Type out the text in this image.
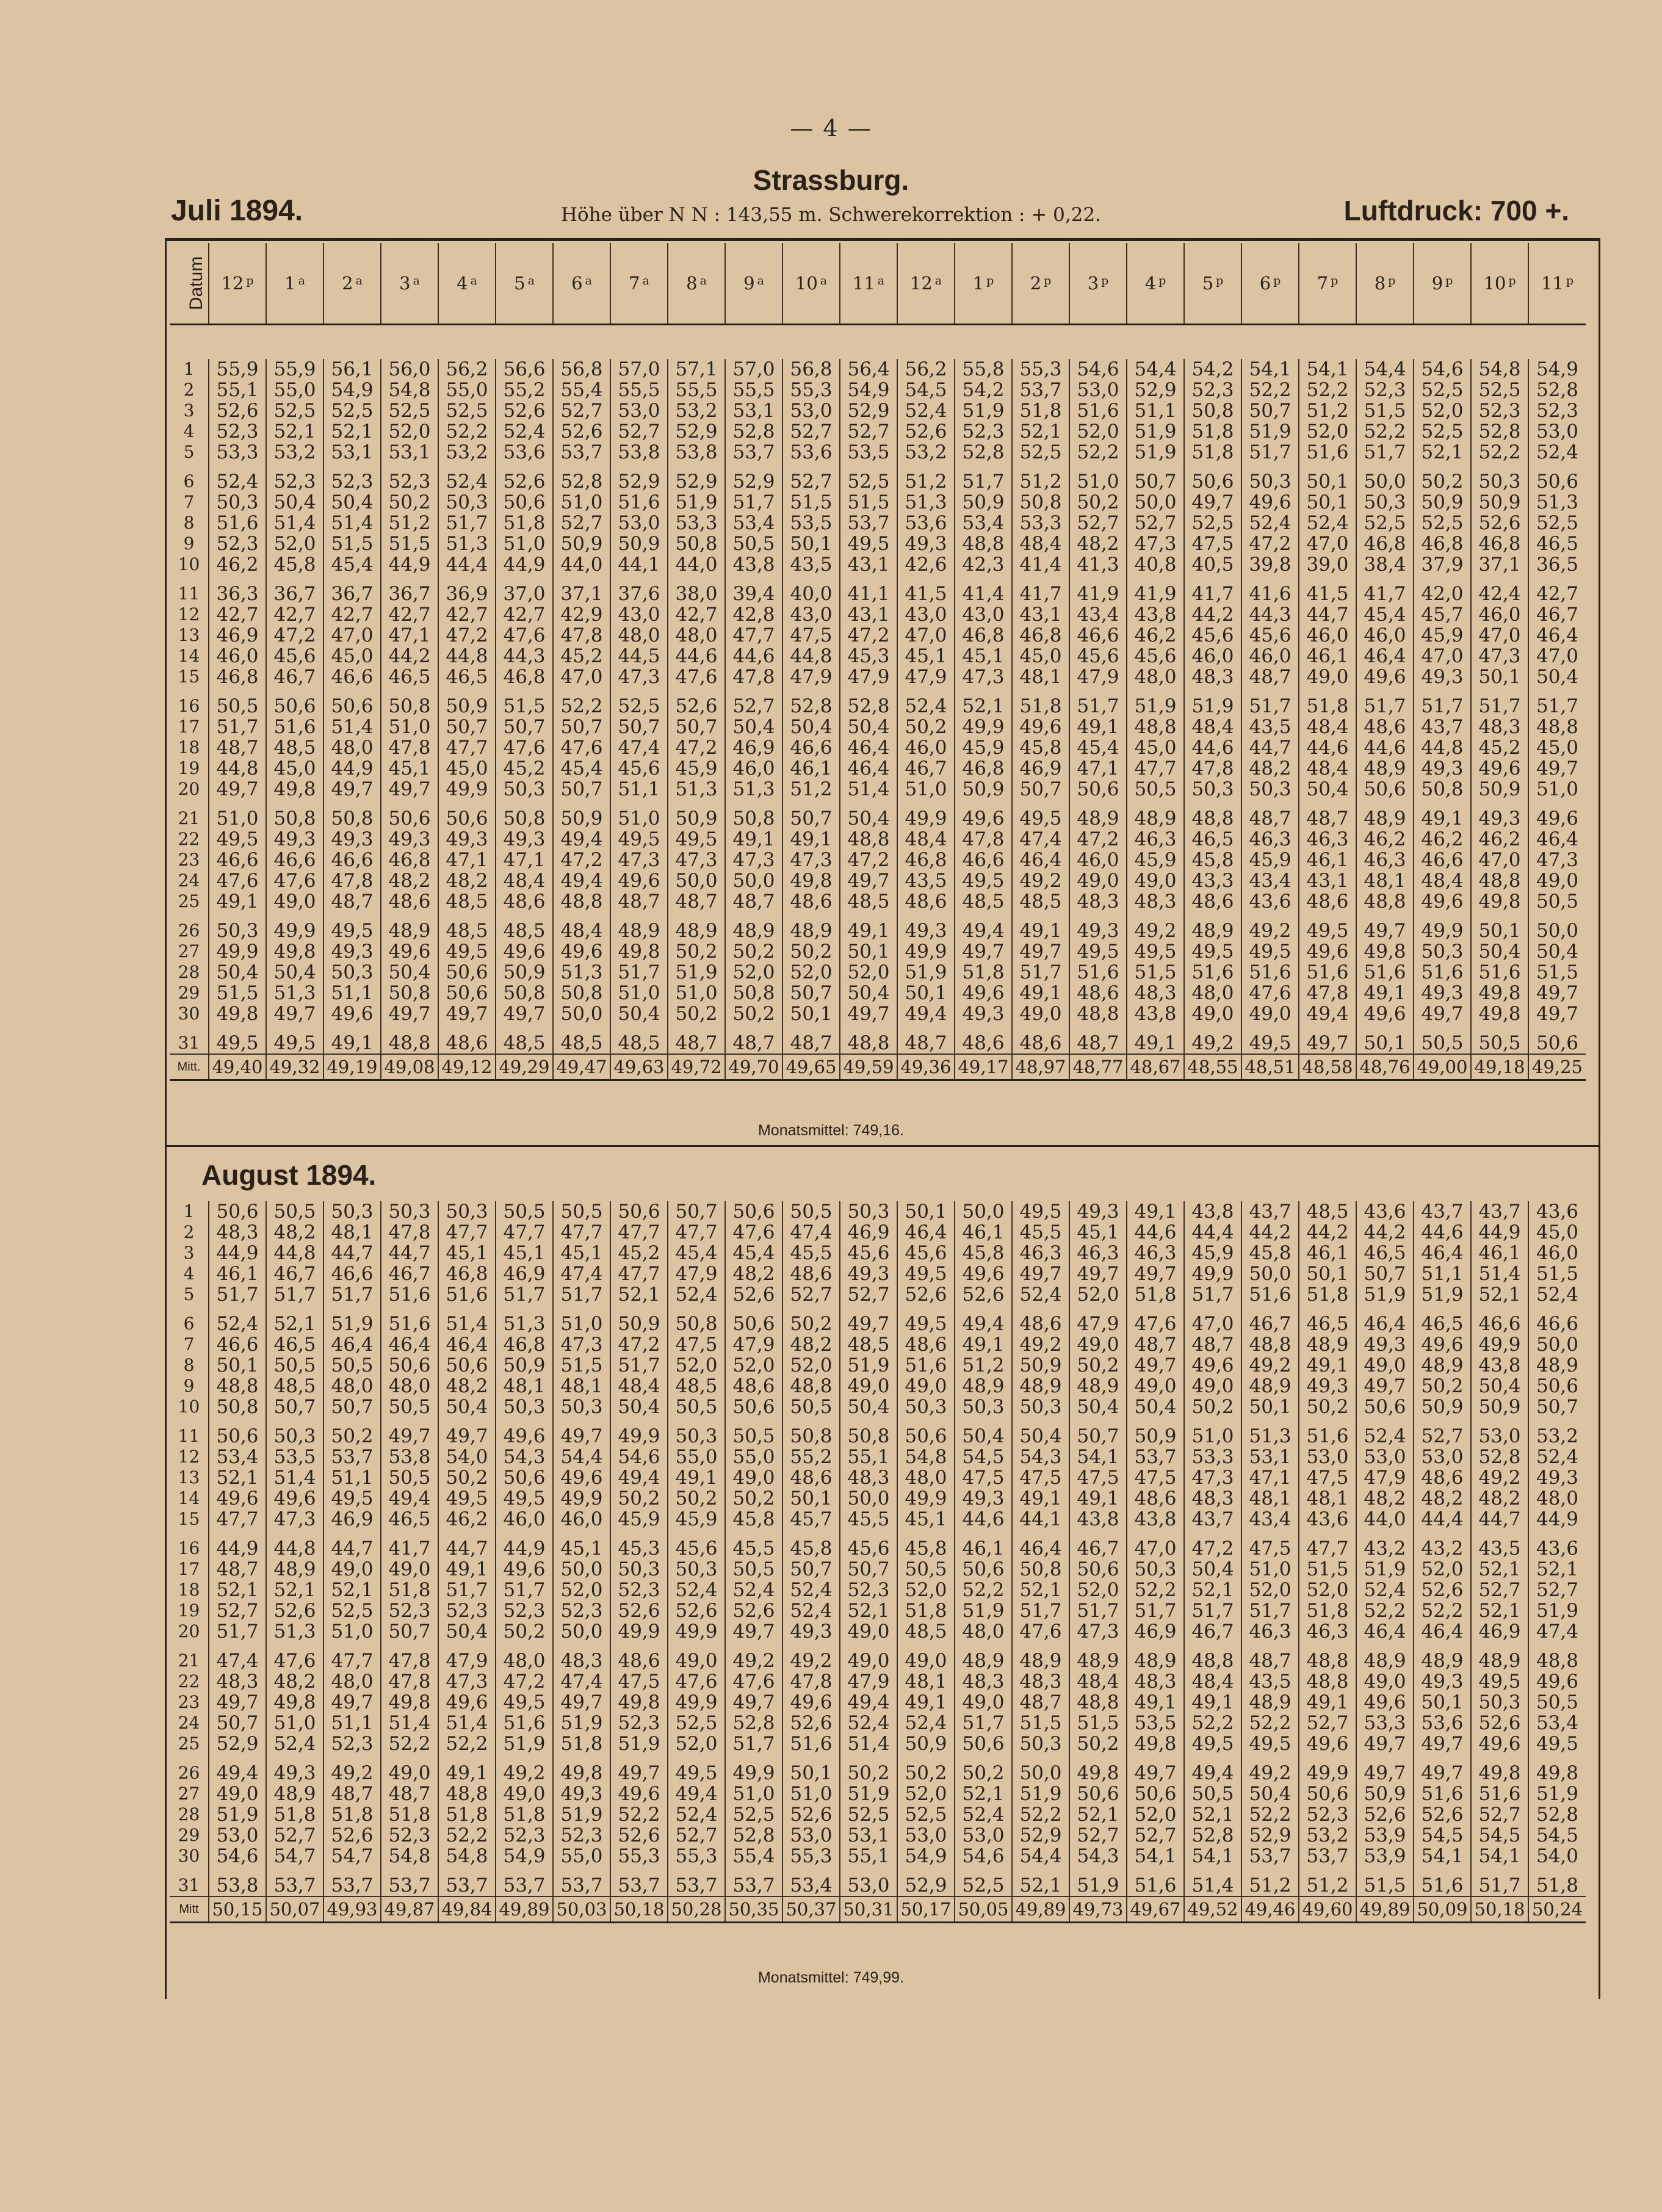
— 4 —
Strassburg.
Juli 1894.	Höhe über N N : 143,55 m. Schwerekorrektion : + 0,22.	Luftdruck: 700 +.
Datum	12 $^p$	1 $^a$	2 $^a$	3 $^a$	4 $^a$	5 $^a$	6 $^a$	7 $^a$	8 $^a$	9 $^a$	10 $^a$	11 $^a$	12 $^a$	1 $^p$	2 $^p$	3 $^p$	4 $^p$	5 $^p$	6 $^p$	7 $^p$	8 $^p$	9 $^p$	10 $^p$	11 $^p$
1	55,9	55,9	56,1	56,0	56,2	56,6	56,8	57,0	57,1	57,0	56,8	56,4	56,2	55,8	55,3	54,6	54,4	54,2	54,1	54,1	54,4	54,6	54,8	54,9
2	55,1	55,0	54,9	54,8	55,0	55,2	55,4	55,5	55,5	55,5	55,3	54,9	54,5	54,2	53,7	53,0	52,9	52,3	52,2	52,2	52,3	52,5	52,5	52,8
3	52,6	52,5	52,5	52,5	52,5	52,6	52,7	53,0	53,2	53,1	53,0	52,9	52,4	51,9	51,8	51,6	51,1	50,8	50,7	51,2	51,5	52,0	52,3	52,3
4	52,3	52,1	52,1	52,0	52,2	52,4	52,6	52,7	52,9	52,8	52,7	52,7	52,6	52,3	52,1	52,0	51,9	51,8	51,9	52,0	52,2	52,5	52,8	53,0
5	53,3	53,2	53,1	53,1	53,2	53,6	53,7	53,8	53,8	53,7	53,6	53,5	53,2	52,8	52,5	52,2	51,9	51,8	51,7	51,6	51,7	52,1	52,2	52,4

6	52,4	52,3	52,3	52,3	52,4	52,6	52,8	52,9	52,9	52,9	52,7	52,5	51,2	51,7	51,2	51,0	50,7	50,6	50,3	50,1	50,0	50,2	50,3	50,6
7	50,3	50,4	50,4	50,2	50,3	50,6	51,0	51,6	51,9	51,7	51,5	51,5	51,3	50,9	50,8	50,2	50,0	49,7	49,6	50,1	50,3	50,9	50,9	51,3
8	51,6	51,4	51,4	51,2	51,7	51,8	52,7	53,0	53,3	53,4	53,5	53,7	53,6	53,4	53,3	52,7	52,7	52,5	52,4	52,4	52,5	52,5	52,6	52,5
9	52,3	52,0	51,5	51,5	51,3	51,0	50,9	50,9	50,8	50,5	50,1	49,5	49,3	48,8	48,4	48,2	47,3	47,5	47,2	47,0	46,8	46,8	46,8	46,5
10	46,2	45,8	45,4	44,9	44,4	44,9	44,0	44,1	44,0	43,8	43,5	43,1	42,6	42,3	41,4	41,3	40,8	40,5	39,8	39,0	38,4	37,9	37,1	36,5

11	36,3	36,7	36,7	36,7	36,9	37,0	37,1	37,6	38,0	39,4	40,0	41,1	41,5	41,4	41,7	41,9	41,9	41,7	41,6	41,5	41,7	42,0	42,4	42,7
12	42,7	42,7	42,7	42,7	42,7	42,7	42,9	43,0	42,7	42,8	43,0	43,1	43,0	43,0	43,1	43,4	43,8	44,2	44,3	44,7	45,4	45,7	46,0	46,7
13	46,9	47,2	47,0	47,1	47,2	47,6	47,8	48,0	48,0	47,7	47,5	47,2	47,0	46,8	46,8	46,6	46,2	45,6	45,6	46,0	46,0	45,9	47,0	46,4
14	46,0	45,6	45,0	44,2	44,8	44,3	45,2	44,5	44,6	44,6	44,8	45,3	45,1	45,1	45,0	45,6	45,6	46,0	46,0	46,1	46,4	47,0	47,3	47,0
15	46,8	46,7	46,6	46,5	46,5	46,8	47,0	47,3	47,6	47,8	47,9	47,9	47,9	47,3	48,1	47,9	48,0	48,3	48,7	49,0	49,6	49,3	50,1	50,4

16	50,5	50,6	50,6	50,8	50,9	51,5	52,2	52,5	52,6	52,7	52,8	52,8	52,4	52,1	51,8	51,7	51,9	51,9	51,7	51,8	51,7	51,7	51,7	51,7
17	51,7	51,6	51,4	51,0	50,7	50,7	50,7	50,7	50,7	50,4	50,4	50,4	50,2	49,9	49,6	49,1	48,8	48,4	43,5	48,4	48,6	43,7	48,3	48,8
18	48,7	48,5	48,0	47,8	47,7	47,6	47,6	47,4	47,2	46,9	46,6	46,4	46,0	45,9	45,8	45,4	45,0	44,6	44,7	44,6	44,6	44,8	45,2	45,0
19	44,8	45,0	44,9	45,1	45,0	45,2	45,4	45,6	45,9	46,0	46,1	46,4	46,7	46,8	46,9	47,1	47,7	47,8	48,2	48,4	48,9	49,3	49,6	49,7
20	49,7	49,8	49,7	49,7	49,9	50,3	50,7	51,1	51,3	51,3	51,2	51,4	51,0	50,9	50,7	50,6	50,5	50,3	50,3	50,4	50,6	50,8	50,9	51,0

21	51,0	50,8	50,8	50,6	50,6	50,8	50,9	51,0	50,9	50,8	50,7	50,4	49,9	49,6	49,5	48,9	48,9	48,8	48,7	48,7	48,9	49,1	49,3	49,6
22	49,5	49,3	49,3	49,3	49,3	49,3	49,4	49,5	49,5	49,1	49,1	48,8	48,4	47,8	47,4	47,2	46,3	46,5	46,3	46,3	46,2	46,2	46,2	46,4
23	46,6	46,6	46,6	46,8	47,1	47,1	47,2	47,3	47,3	47,3	47,3	47,2	46,8	46,6	46,4	46,0	45,9	45,8	45,9	46,1	46,3	46,6	47,0	47,3
24	47,6	47,6	47,8	48,2	48,2	48,4	49,4	49,6	50,0	50,0	49,8	49,7	43,5	49,5	49,2	49,0	49,0	43,3	43,4	43,1	48,1	48,4	48,8	49,0
25	49,1	49,0	48,7	48,6	48,5	48,6	48,8	48,7	48,7	48,7	48,6	48,5	48,6	48,5	48,5	48,3	48,3	48,6	43,6	48,6	48,8	49,6	49,8	50,5

26	50,3	49,9	49,5	48,9	48,5	48,5	48,4	48,9	48,9	48,9	48,9	49,1	49,3	49,4	49,1	49,3	49,2	48,9	49,2	49,5	49,7	49,9	50,1	50,0
27	49,9	49,8	49,3	49,6	49,5	49,6	49,6	49,8	50,2	50,2	50,2	50,1	49,9	49,7	49,7	49,5	49,5	49,5	49,5	49,6	49,8	50,3	50,4	50,4
28	50,4	50,4	50,3	50,4	50,6	50,9	51,3	51,7	51,9	52,0	52,0	52,0	51,9	51,8	51,7	51,6	51,5	51,6	51,6	51,6	51,6	51,6	51,6	51,5
29	51,5	51,3	51,1	50,8	50,6	50,8	50,8	51,0	51,0	50,8	50,7	50,4	50,1	49,6	49,1	48,6	48,3	48,0	47,6	47,8	49,1	49,3	49,8	49,7
30	49,8	49,7	49,6	49,7	49,7	49,7	50,0	50,4	50,2	50,2	50,1	49,7	49,4	49,3	49,0	48,8	43,8	49,0	49,0	49,4	49,6	49,7	49,8	49,7

31	49,5	49,5	49,1	48,8	48,6	48,5	48,5	48,5	48,7	48,7	48,7	48,8	48,7	48,6	48,6	48,7	49,1	49,2	49,5	49,7	50,1	50,5	50,5	50,6
Mitt.	49,40	49,32	49,19	49,08	49,12	49,29	49,47	49,63	49,72	49,70	49,65	49,59	49,36	49,17	48,97	48,77	48,67	48,55	48,51	48,58	48,76	49,00	49,18	49,25
Monatsmittel: 749,16.
August 1894.
1	50,6	50,5	50,3	50,3	50,3	50,5	50,5	50,6	50,7	50,6	50,5	50,3	50,1	50,0	49,5	49,3	49,1	43,8	43,7	48,5	43,6	43,7	43,7	43,6
2	48,3	48,2	48,1	47,8	47,7	47,7	47,7	47,7	47,7	47,6	47,4	46,9	46,4	46,1	45,5	45,1	44,6	44,4	44,2	44,2	44,2	44,6	44,9	45,0
3	44,9	44,8	44,7	44,7	45,1	45,1	45,1	45,2	45,4	45,4	45,5	45,6	45,6	45,8	46,3	46,3	46,3	45,9	45,8	46,1	46,5	46,4	46,1	46,0
4	46,1	46,7	46,6	46,7	46,8	46,9	47,4	47,7	47,9	48,2	48,6	49,3	49,5	49,6	49,7	49,7	49,7	49,9	50,0	50,1	50,7	51,1	51,4	51,5
5	51,7	51,7	51,7	51,6	51,6	51,7	51,7	52,1	52,4	52,6	52,7	52,7	52,6	52,6	52,4	52,0	51,8	51,7	51,6	51,8	51,9	51,9	52,1	52,4

6	52,4	52,1	51,9	51,6	51,4	51,3	51,0	50,9	50,8	50,6	50,2	49,7	49,5	49,4	48,6	47,9	47,6	47,0	46,7	46,5	46,4	46,5	46,6	46,6
7	46,6	46,5	46,4	46,4	46,4	46,8	47,3	47,2	47,5	47,9	48,2	48,5	48,6	49,1	49,2	49,0	48,7	48,7	48,8	48,9	49,3	49,6	49,9	50,0
8	50,1	50,5	50,5	50,6	50,6	50,9	51,5	51,7	52,0	52,0	52,0	51,9	51,6	51,2	50,9	50,2	49,7	49,6	49,2	49,1	49,0	48,9	43,8	48,9
9	48,8	48,5	48,0	48,0	48,2	48,1	48,1	48,4	48,5	48,6	48,8	49,0	49,0	48,9	48,9	48,9	49,0	49,0	48,9	49,3	49,7	50,2	50,4	50,6
10	50,8	50,7	50,7	50,5	50,4	50,3	50,3	50,4	50,5	50,6	50,5	50,4	50,3	50,3	50,3	50,4	50,4	50,2	50,1	50,2	50,6	50,9	50,9	50,7

11	50,6	50,3	50,2	49,7	49,7	49,6	49,7	49,9	50,3	50,5	50,8	50,8	50,6	50,4	50,4	50,7	50,9	51,0	51,3	51,6	52,4	52,7	53,0	53,2
12	53,4	53,5	53,7	53,8	54,0	54,3	54,4	54,6	55,0	55,0	55,2	55,1	54,8	54,5	54,3	54,1	53,7	53,3	53,1	53,0	53,0	53,0	52,8	52,4
13	52,1	51,4	51,1	50,5	50,2	50,6	49,6	49,4	49,1	49,0	48,6	48,3	48,0	47,5	47,5	47,5	47,5	47,3	47,1	47,5	47,9	48,6	49,2	49,3
14	49,6	49,6	49,5	49,4	49,5	49,5	49,9	50,2	50,2	50,2	50,1	50,0	49,9	49,3	49,1	49,1	48,6	48,3	48,1	48,1	48,2	48,2	48,2	48,0
15	47,7	47,3	46,9	46,5	46,2	46,0	46,0	45,9	45,9	45,8	45,7	45,5	45,1	44,6	44,1	43,8	43,8	43,7	43,4	43,6	44,0	44,4	44,7	44,9

16	44,9	44,8	44,7	41,7	44,7	44,9	45,1	45,3	45,6	45,5	45,8	45,6	45,8	46,1	46,4	46,7	47,0	47,2	47,5	47,7	43,2	43,2	43,5	43,6
17	48,7	48,9	49,0	49,0	49,1	49,6	50,0	50,3	50,3	50,5	50,7	50,7	50,5	50,6	50,8	50,6	50,3	50,4	51,0	51,5	51,9	52,0	52,1	52,1
18	52,1	52,1	52,1	51,8	51,7	51,7	52,0	52,3	52,4	52,4	52,4	52,3	52,0	52,2	52,1	52,0	52,2	52,1	52,0	52,0	52,4	52,6	52,7	52,7
19	52,7	52,6	52,5	52,3	52,3	52,3	52,3	52,6	52,6	52,6	52,4	52,1	51,8	51,9	51,7	51,7	51,7	51,7	51,7	51,8	52,2	52,2	52,1	51,9
20	51,7	51,3	51,0	50,7	50,4	50,2	50,0	49,9	49,9	49,7	49,3	49,0	48,5	48,0	47,6	47,3	46,9	46,7	46,3	46,3	46,4	46,4	46,9	47,4

21	47,4	47,6	47,7	47,8	47,9	48,0	48,3	48,6	49,0	49,2	49,2	49,0	49,0	48,9	48,9	48,9	48,9	48,8	48,7	48,8	48,9	48,9	48,9	48,8
22	48,3	48,2	48,0	47,8	47,3	47,2	47,4	47,5	47,6	47,6	47,8	47,9	48,1	48,3	48,3	48,4	48,3	48,4	43,5	48,8	49,0	49,3	49,5	49,6
23	49,7	49,8	49,7	49,8	49,6	49,5	49,7	49,8	49,9	49,7	49,6	49,4	49,1	49,0	48,7	48,8	49,1	49,1	48,9	49,1	49,6	50,1	50,3	50,5
24	50,7	51,0	51,1	51,4	51,4	51,6	51,9	52,3	52,5	52,8	52,6	52,4	52,4	51,7	51,5	51,5	53,5	52,2	52,2	52,7	53,3	53,6	52,6	53,4
25	52,9	52,4	52,3	52,2	52,2	51,9	51,8	51,9	52,0	51,7	51,6	51,4	50,9	50,6	50,3	50,2	49,8	49,5	49,5	49,6	49,7	49,7	49,6	49,5

26	49,4	49,3	49,2	49,0	49,1	49,2	49,8	49,7	49,5	49,9	50,1	50,2	50,2	50,2	50,0	49,8	49,7	49,4	49,2	49,9	49,7	49,7	49,8	49,8
27	49,0	48,9	48,7	48,7	48,8	49,0	49,3	49,6	49,4	51,0	51,0	51,9	52,0	52,1	51,9	50,6	50,6	50,5	50,4	50,6	50,9	51,6	51,6	51,9
28	51,9	51,8	51,8	51,8	51,8	51,8	51,9	52,2	52,4	52,5	52,6	52,5	52,5	52,4	52,2	52,1	52,0	52,1	52,2	52,3	52,6	52,6	52,7	52,8
29	53,0	52,7	52,6	52,3	52,2	52,3	52,3	52,6	52,7	52,8	53,0	53,1	53,0	53,0	52,9	52,7	52,7	52,8	52,9	53,2	53,9	54,5	54,5	54,5
30	54,6	54,7	54,7	54,8	54,8	54,9	55,0	55,3	55,3	55,4	55,3	55,1	54,9	54,6	54,4	54,3	54,1	54,1	53,7	53,7	53,9	54,1	54,1	54,0

31	53,8	53,7	53,7	53,7	53,7	53,7	53,7	53,7	53,7	53,7	53,4	53,0	52,9	52,5	52,1	51,9	51,6	51,4	51,2	51,2	51,5	51,6	51,7	51,8
Mitt	50,15	50,07	49,93	49,87	49,84	49,89	50,03	50,18	50,28	50,35	50,37	50,31	50,17	50,05	49,89	49,73	49,67	49,52	49,46	49,60	49,89	50,09	50,18	50,24
Monatsmittel: 749,99.
